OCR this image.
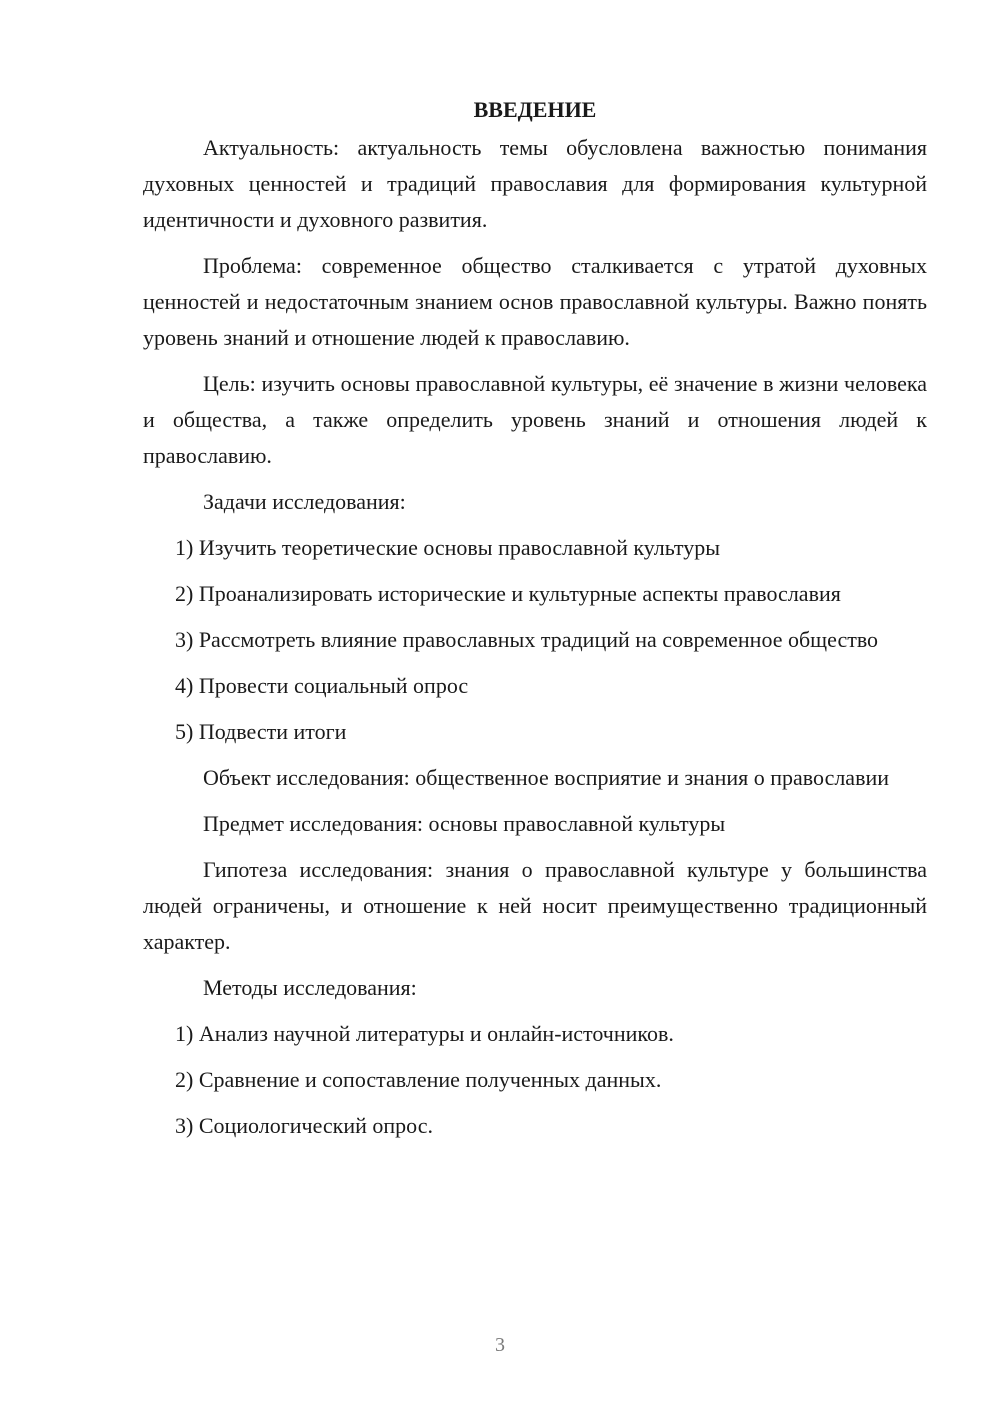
ВВЕДЕНИЕ

Актуальность: актуальность темы обусловлена важностью понимания духовных ценностей и традиций православия для формирования культурной идентичности и духовного развития.

Проблема: современное общество сталкивается с утратой духовных ценностей и недостаточным знанием основ православной культуры. Важно понять уровень знаний и отношение людей к православию.

Цель: изучить основы православной культуры, её значение в жизни человека и общества, а также определить уровень знаний и отношения людей к православию.

Задачи исследования:

1) Изучить теоретические основы православной культуры

2) Проанализировать исторические и культурные аспекты православия

3) Рассмотреть влияние православных традиций на современное общество

4) Провести социальный опрос

5) Подвести итоги

Объект исследования: общественное восприятие и знания о православии

Предмет исследования: основы православной культуры

Гипотеза исследования: знания о православной культуре у большинства людей ограничены, и отношение к ней носит преимущественно традиционный характер.

Методы исследования:

1) Анализ научной литературы и онлайн-источников.

2) Сравнение и сопоставление полученных данных.

3) Социологический опрос.

3
